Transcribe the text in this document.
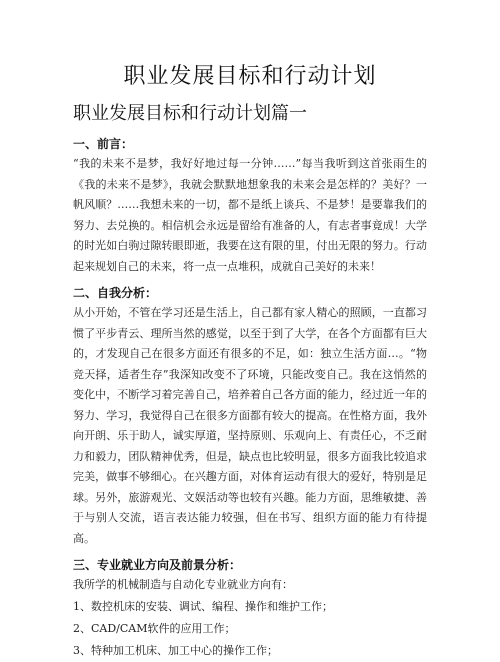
职业发展目标和行动计划
职业发展目标和行动计划篇一
一、前言：

“我的未来不是梦，我好好地过每一分钟……”每当我听到这首张雨生的《我的未来不是梦》，我就会默默地想象我的未来会是怎样的？美好？一帆风顺？……我想未来的一切，都不是纸上谈兵、不是梦！是要靠我们的努力、去兑换的。相信机会永远是留给有准备的人，有志者事竟成！大学的时光如白驹过隙转眼即逝，我要在这有限的里，付出无限的努力。行动起来规划自己的未来，将一点一点堆积，成就自己美好的未来！

二、自我分析：

从小开始，不管在学习还是生活上，自己都有家人精心的照顾，一直都习惯了平步青云、理所当然的感觉，以至于到了大学，在各个方面都有巨大的，才发现自己在很多方面还有很多的不足，如：独立生活方面…。“物竞天择，适者生存”我深知改变不了环境，只能改变自己。我在这悄然的变化中，不断学习着完善自己，培养着自己各方面的能力，经过近一年的努力、学习，我觉得自己在很多方面都有较大的提高。在性格方面，我外向开朗、乐于助人，诚实厚道，坚持原则、乐观向上、有责任心，不乏耐力和毅力，团队精神优秀，但是，缺点也比较明显，很多方面我比较追求完美，做事不够细心。在兴趣方面，对体育运动有很大的爱好，特别是足球。另外，旅游观光、文娱活动等也较有兴趣。能力方面，思维敏捷、善于与别人交流，语言表达能力较强，但在书写、组织方面的能力有待提高。

三、专业就业方向及前景分析：

我所学的机械制造与自动化专业就业方向有：

1、数控机床的安装、调试、编程、操作和维护工作；

2、CAD/CAM软件的应用工作；

3、特种加工机床、加工中心的操作工作；
